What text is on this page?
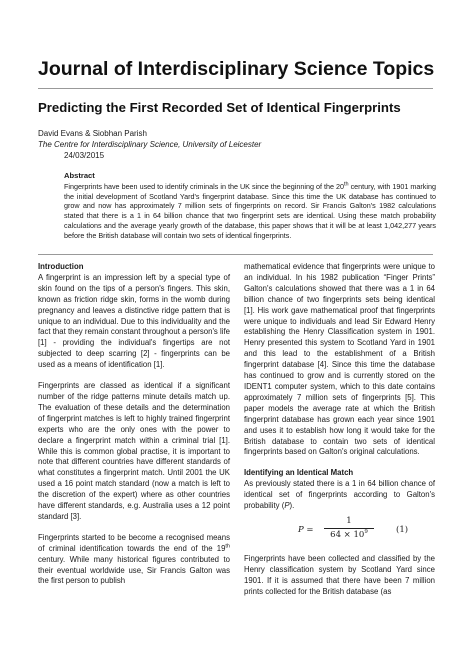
Journal of Interdisciplinary Science Topics
Predicting the First Recorded Set of Identical Fingerprints
David Evans & Siobhan Parish
The Centre for Interdisciplinary Science, University of Leicester
24/03/2015
Abstract

Fingerprints have been used to identify criminals in the UK since the beginning of the 20th century, with 1901 marking the initial development of Scotland Yard's fingerprint database. Since this time the UK database has continued to grow and now has approximately 7 million sets of fingerprints on record. Sir Francis Galton's 1982 calculations stated that there is a 1 in 64 billion chance that two fingerprint sets are identical. Using these match probability calculations and the average yearly growth of the database, this paper shows that it will be at least 1,042,277 years before the British database will contain two sets of identical fingerprints.

Introduction

A fingerprint is an impression left by a special type of skin found on the tips of a person's fingers. This skin, known as friction ridge skin, forms in the womb during pregnancy and leaves a distinctive ridge pattern that is unique to an individual. Due to this individuality and the fact that they remain constant throughout a person's life [1] - providing the individual's fingertips are not subjected to deep scarring [2] - fingerprints can be used as a means of identification [1].

Fingerprints are classed as identical if a significant number of the ridge patterns minute details match up. The evaluation of these details and the determination of fingerprint matches is left to highly trained fingerprint experts who are the only ones with the power to declare a fingerprint match within a criminal trial [1]. While this is common global practise, it is important to note that different countries have different standards of what constitutes a fingerprint match. Until 2001 the UK used a 16 point match standard (now a match is left to the discretion of the expert) where as other countries have different standards, e.g. Australia uses a 12 point standard [3].

Fingerprints started to be become a recognised means of criminal identification towards the end of the 19th century. While many historical figures contributed to their eventual worldwide use, Sir Francis Galton was the first person to publish

mathematical evidence that fingerprints were unique to an individual. In his 1982 publication “Finger Prints” Galton's calculations showed that there was a 1 in 64 billion chance of two fingerprints sets being identical [1]. His work gave mathematical proof that fingerprints were unique to individuals and lead Sir Edward Henry establishing the Henry Classification system in 1901. Henry presented this system to Scotland Yard in 1901 and this lead to the establishment of a British fingerprint database [4]. Since this time the database has continued to grow and is currently stored on the IDENT1 computer system, which to this date contains approximately 7 million sets of fingerprints [5]. This paper models the average rate at which the British fingerprint database has grown each year since 1901 and uses it to establish how long it would take for the British database to contain two sets of identical fingerprints based on Galton's original calculations.

Identifying an Identical Match

As previously stated there is a 1 in 64 billion chance of identical set of fingerprints according to Galton's probability (P).

P =
1
$64 \times 10^9$	(1)

Fingerprints have been collected and classified by the Henry classification system by Scotland Yard since 1901. If it is assumed that there have been 7 million prints collected for the British database (as
